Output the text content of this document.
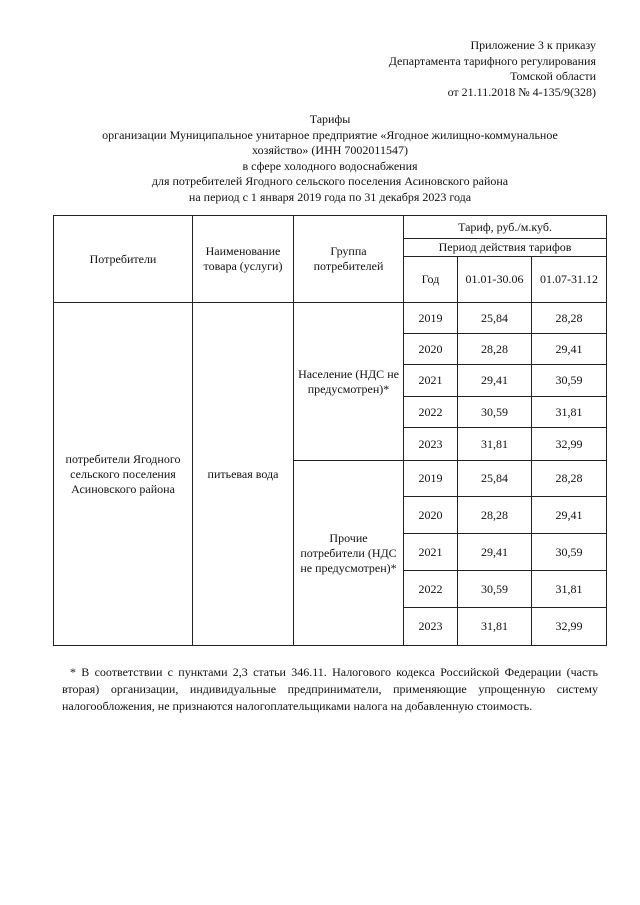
Приложение 3 к приказу
Департамента тарифного регулирования
Томской области
от 21.11.2018 № 4-135/9(328)
Тарифы
организации Муниципальное унитарное предприятие «Ягодное жилищно-коммунальное
хозяйство» (ИНН 7002011547)
в сфере холодного водоснабжения
для потребителей Ягодного сельского поселения Асиновского района
на период с 1 января 2019 года по 31 декабря 2023 года
Потребители	Наименование товара (услуги)	Группа потребителей	Тариф, руб./м.куб.		
			Период действия тарифов		
			Год	01.01-30.06	01.07-31.12
потребители Ягодного сельского поселения Асиновского района	питьевая вода	Население (НДС не предусмотрен)*	2019	25,84	28,28
			2020	28,28	29,41
			2021	29,41	30,59
			2022	30,59	31,81
			2023	31,81	32,99
		Прочие потребители (НДС не предусмотрен)*	2019	25,84	28,28
			2020	28,28	29,41
			2021	29,41	30,59
			2022	30,59	31,81
			2023	31,81	32,99
* В соответствии с пунктами 2,3 статьи 346.11. Налогового кодекса Российской Федерации (часть вторая) организации, индивидуальные предприниматели, применяющие упрощенную систему налогообложения, не признаются налогоплательщиками налога на добавленную стоимость.
